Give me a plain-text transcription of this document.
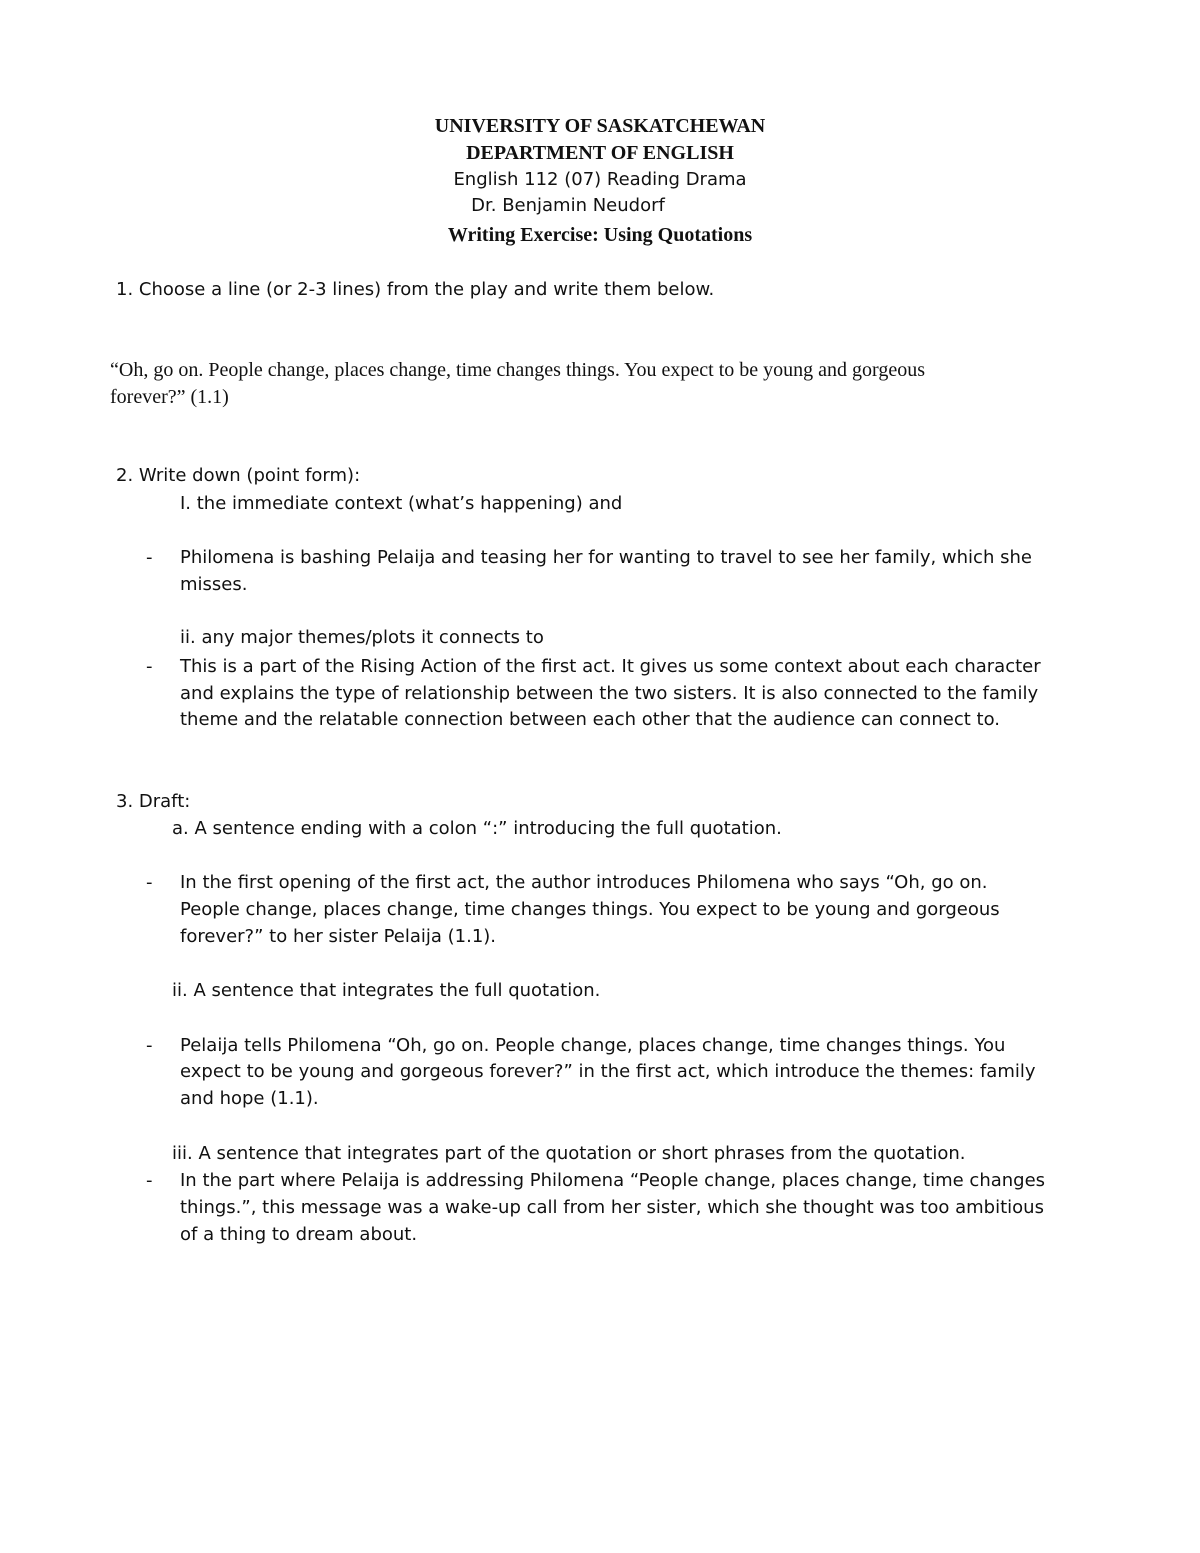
UNIVERSITY OF SASKATCHEWAN
DEPARTMENT OF ENGLISH
English 112 (07) Reading Drama
Dr. Benjamin Neudorf
Writing Exercise: Using Quotations
1. Choose a line (or 2-3 lines) from the play and write them below.
“Oh, go on. People change, places change, time changes things. You expect to be young and gorgeous
forever?” (1.1)
2. Write down (point form):
I. the immediate context (what’s happening) and
- Philomena is bashing Pelaija and teasing her for wanting to travel to see her family, which she
misses.
ii. any major themes/plots it connects to
- This is a part of the Rising Action of the first act. It gives us some context about each character
and explains the type of relationship between the two sisters. It is also connected to the family
theme and the relatable connection between each other that the audience can connect to.
3. Draft:
a. A sentence ending with a colon “:” introducing the full quotation.
- In the first opening of the first act, the author introduces Philomena who says “Oh, go on.
People change, places change, time changes things. You expect to be young and gorgeous
forever?” to her sister Pelaija (1.1).
ii. A sentence that integrates the full quotation.
- Pelaija tells Philomena “Oh, go on. People change, places change, time changes things. You
expect to be young and gorgeous forever?” in the first act, which introduce the themes: family
and hope (1.1).
iii. A sentence that integrates part of the quotation or short phrases from the quotation.
- In the part where Pelaija is addressing Philomena “People change, places change, time changes
things.”, this message was a wake-up call from her sister, which she thought was too ambitious
of a thing to dream about.
